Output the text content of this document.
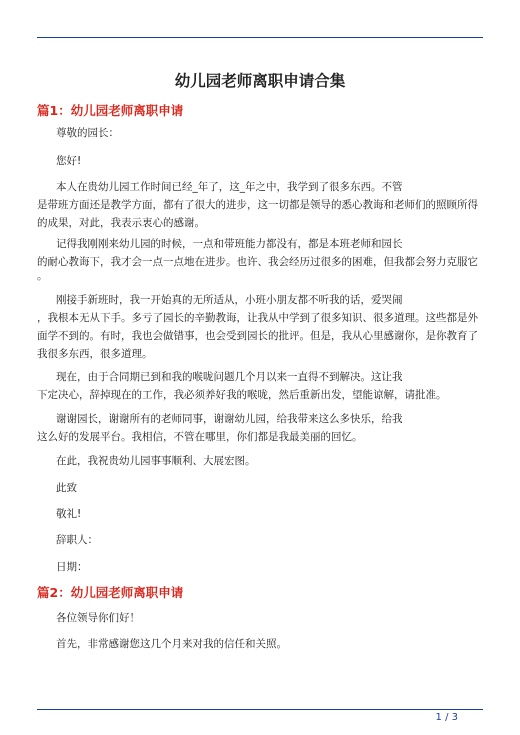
幼儿园老师离职申请合集
篇1：幼儿园老师离职申请
尊敬的园长：
您好!
本人在贵幼儿园工作时间已经_年了，这_年之中，我学到了很多东西。不管
是带班方面还是教学方面，都有了很大的进步，这一切都是领导的悉心教诲和老师们的照顾所得
的成果，对此，我表示衷心的感谢。
记得我刚刚来幼儿园的时候，一点和带班能力都没有，都是本班老师和园长
的耐心教诲下，我才会一点一点地在进步。也许、我会经历过很多的困难，但我都会努力克服它
。
刚接手新班时，我一开始真的无所适从，小班小朋友都不听我的话，爱哭闹
，我根本无从下手。多亏了园长的辛勤教诲，让我从中学到了很多知识、很多道理。这些都是外
面学不到的。有时，我也会做错事，也会受到园长的批评。但是，我从心里感谢你，是你教育了
我很多东西，很多道理。
现在，由于合同期已到和我的喉咙问题几个月以来一直得不到解决。这让我
下定决心，辞掉现在的工作，我必须养好我的喉咙，然后重新出发，望能谅解，请批准。
谢谢园长，谢谢所有的老师同事，谢谢幼儿园，给我带来这么多快乐，给我
这么好的发展平台。我相信，不管在哪里，你们都是我最美丽的回忆。
在此，我祝贵幼儿园事事顺利、大展宏图。
此致
敬礼!
辞职人：
日期：
篇2：幼儿园老师离职申请
各位领导你们好！
首先，非常感谢您这几个月来对我的信任和关照。
1 / 3
